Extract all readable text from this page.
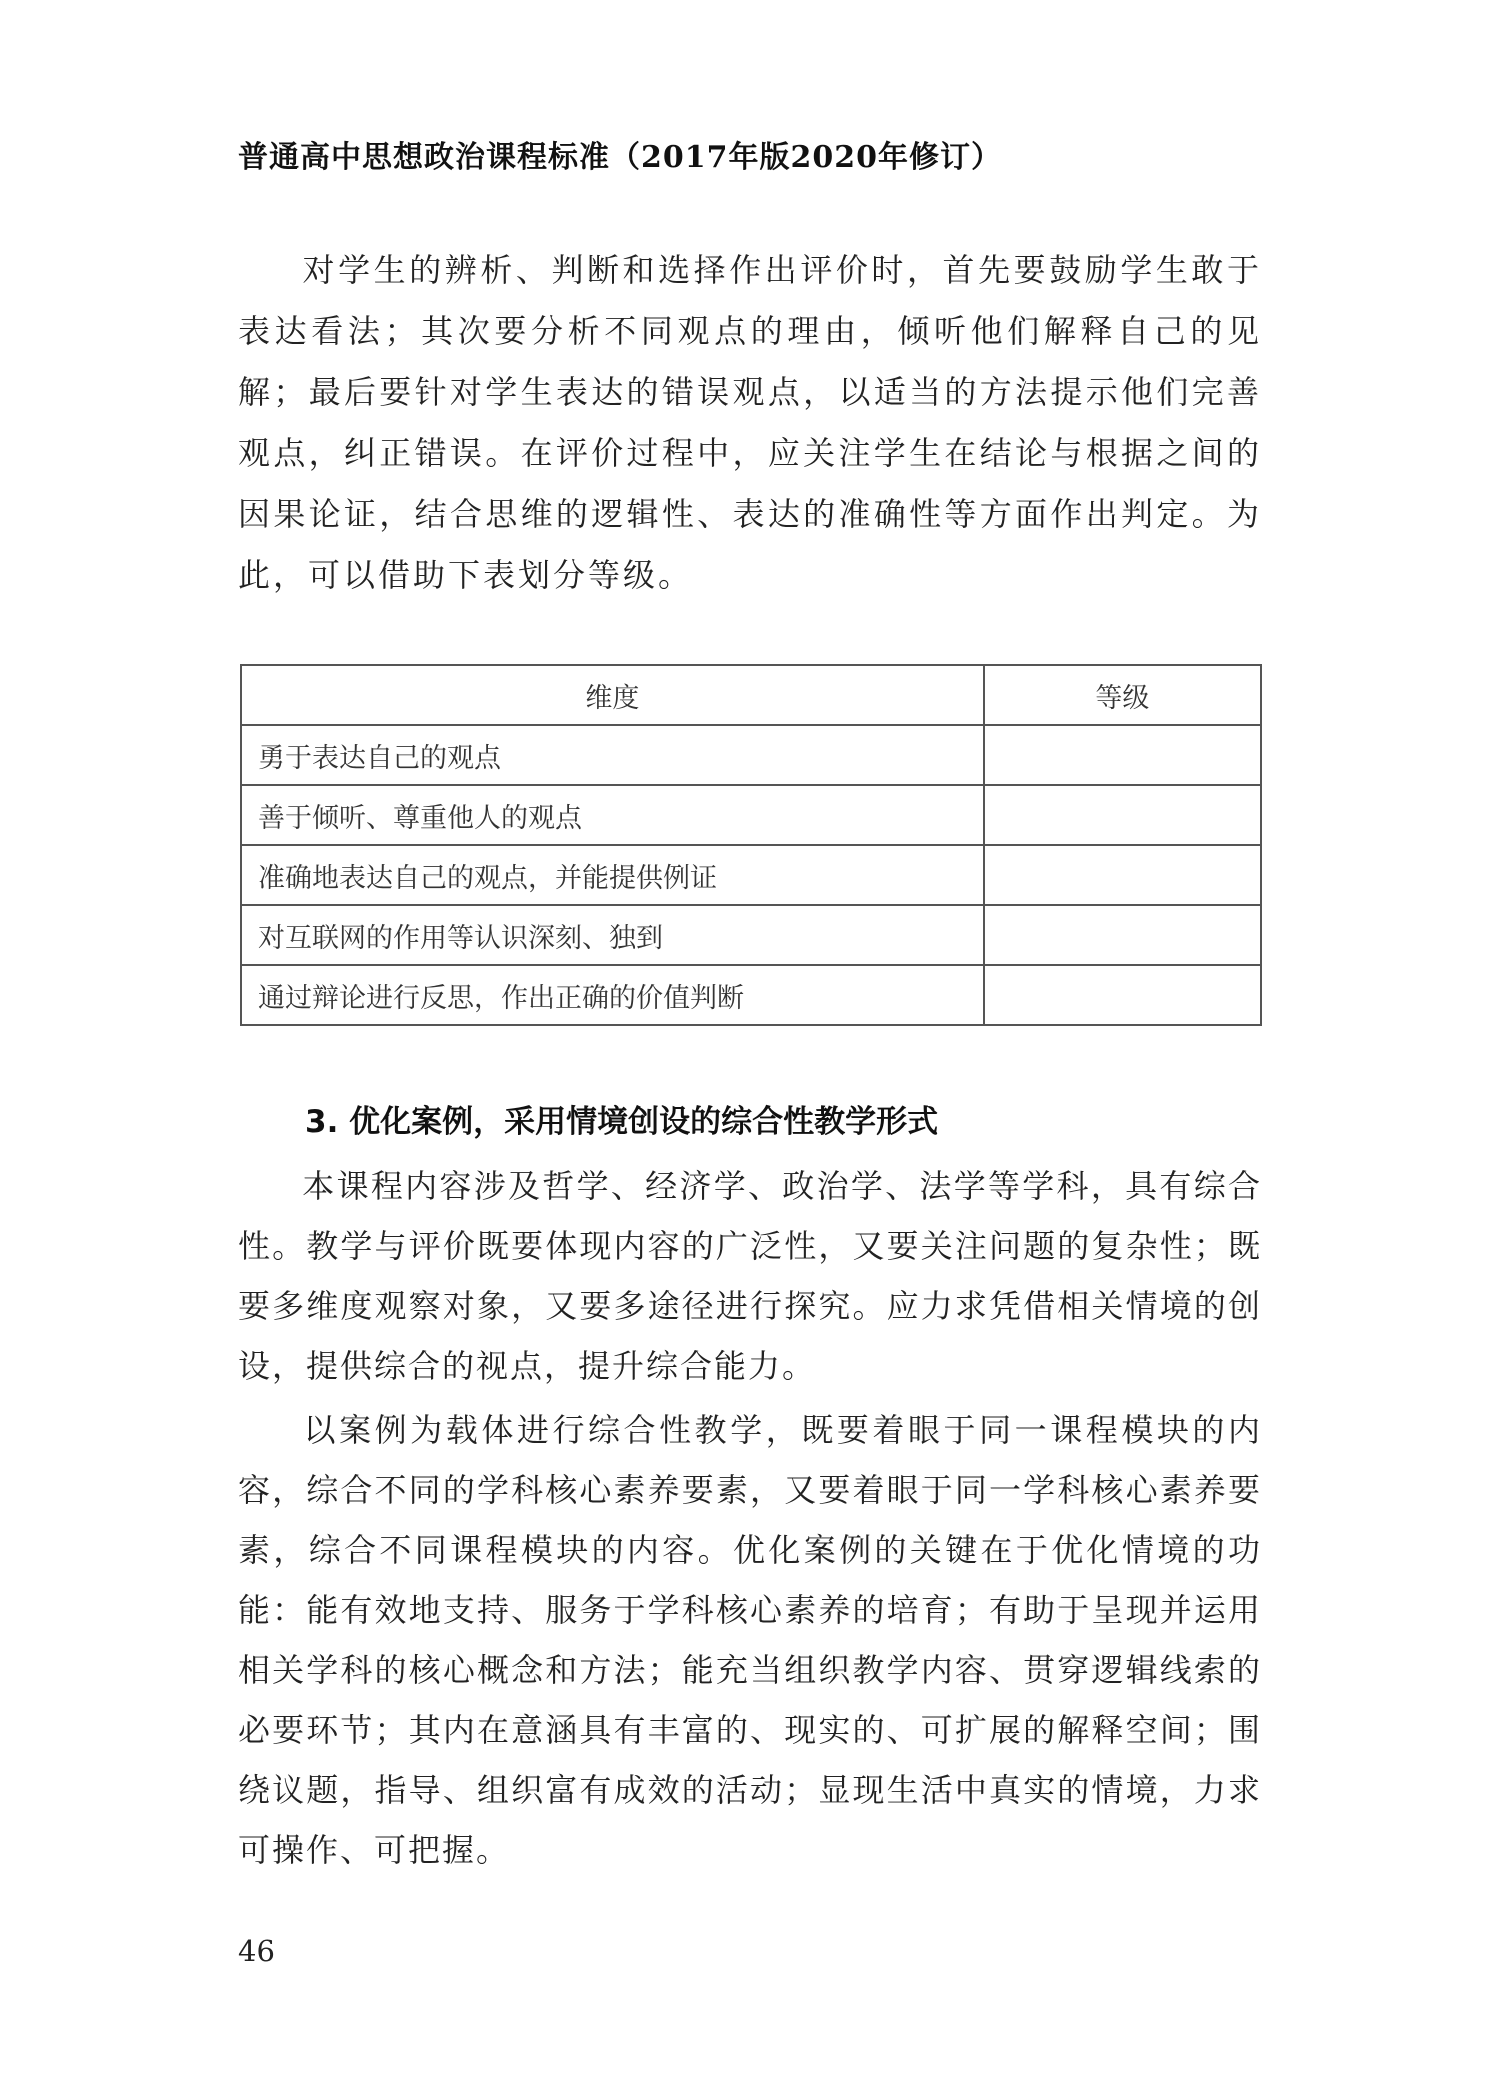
普通高中思想政治课程标准（2017年版2020年修订）
对学生的辨析、判断和选择作出评价时，首先要鼓励学生敢于表达看法；其次要分析不同观点的理由，倾听他们解释自己的见解；最后要针对学生表达的错误观点，以适当的方法提示他们完善观点，纠正错误。在评价过程中，应关注学生在结论与根据之间的因果论证，结合思维的逻辑性、表达的准确性等方面作出判定。为此，可以借助下表划分等级。
维度	等级
勇于表达自己的观点	
善于倾听、尊重他人的观点	
准确地表达自己的观点，并能提供例证	
对互联网的作用等认识深刻、独到	
通过辩论进行反思，作出正确的价值判断	
3. 优化案例，采用情境创设的综合性教学形式
本课程内容涉及哲学、经济学、政治学、法学等学科，具有综合性。教学与评价既要体现内容的广泛性，又要关注问题的复杂性；既要多维度观察对象，又要多途径进行探究。应力求凭借相关情境的创设，提供综合的视点，提升综合能力。
以案例为载体进行综合性教学，既要着眼于同一课程模块的内容，综合不同的学科核心素养要素，又要着眼于同一学科核心素养要素，综合不同课程模块的内容。优化案例的关键在于优化情境的功能：能有效地支持、服务于学科核心素养的培育；有助于呈现并运用相关学科的核心概念和方法；能充当组织教学内容、贯穿逻辑线索的必要环节；其内在意涵具有丰富的、现实的、可扩展的解释空间；围绕议题，指导、组织富有成效的活动；显现生活中真实的情境，力求可操作、可把握。
46
